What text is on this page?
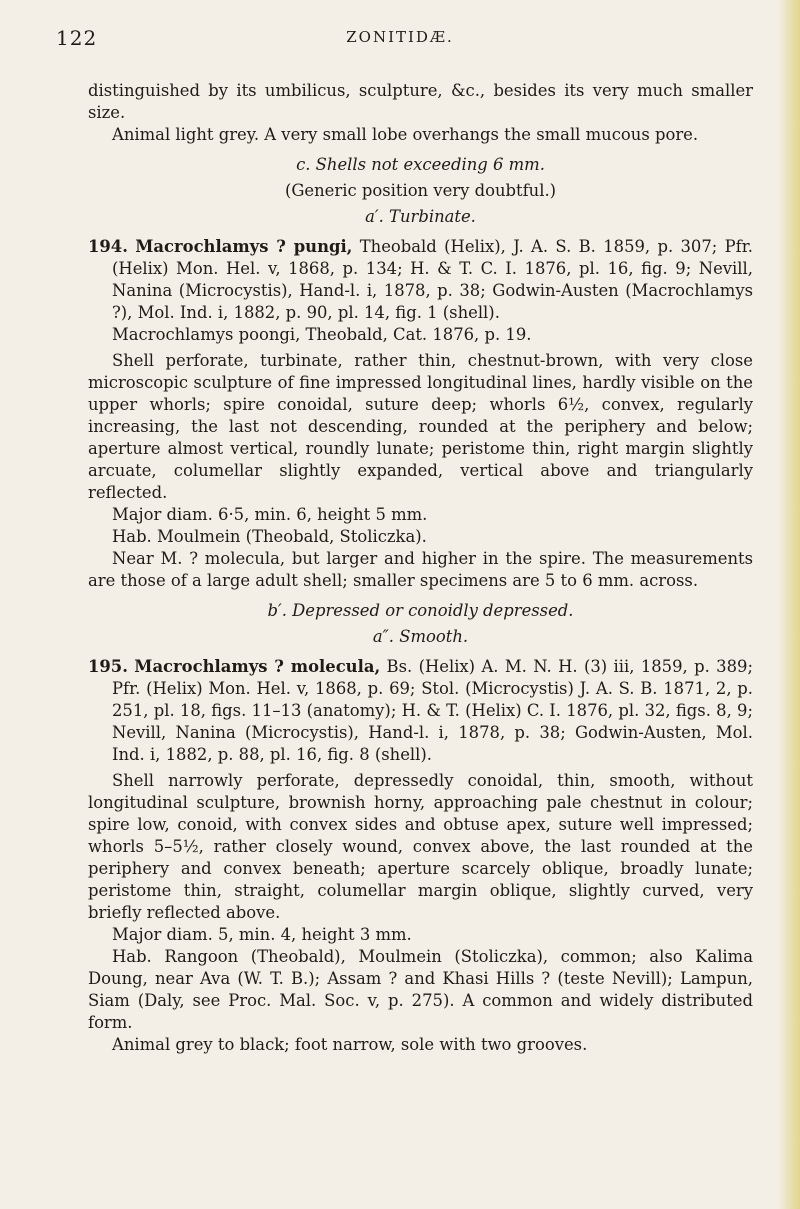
122	ZONITIDÆ.

distinguished by its umbilicus, sculpture, &c., besides its very much smaller size.

Animal light grey. A very small lobe overhangs the small mucous pore.

c. Shells not exceeding 6 mm.

(Generic position very doubtful.)

a′. Turbinate.

194. Macrochlamys ? pungi, Theobald (Helix), J. A. S. B. 1859, p. 307; Pfr. (Helix) Mon. Hel. v, 1868, p. 134; H. & T. C. I. 1876, pl. 16, fig. 9; Nevill, Nanina (Microcystis), Hand-l. i, 1878, p. 38; Godwin-Austen (Macrochlamys ?), Mol. Ind. i, 1882, p. 90, pl. 14, fig. 1 (shell).

Macrochlamys poongi, Theobald, Cat. 1876, p. 19.

Shell perforate, turbinate, rather thin, chestnut-brown, with very close microscopic sculpture of fine impressed longitudinal lines, hardly visible on the upper whorls; spire conoidal, suture deep; whorls 6½, convex, regularly increasing, the last not descending, rounded at the periphery and below; aperture almost vertical, roundly lunate; peristome thin, right margin slightly arcuate, columellar slightly expanded, vertical above and triangularly reflected.

Major diam. 6·5, min. 6, height 5 mm.

Hab. Moulmein (Theobald, Stoliczka).

Near M. ? molecula, but larger and higher in the spire. The measurements are those of a large adult shell; smaller specimens are 5 to 6 mm. across.

b′. Depressed or conoidly depressed.

a″. Smooth.

195. Macrochlamys ? molecula, Bs. (Helix) A. M. N. H. (3) iii, 1859, p. 389; Pfr. (Helix) Mon. Hel. v, 1868, p. 69; Stol. (Microcystis) J. A. S. B. 1871, 2, p. 251, pl. 18, figs. 11–13 (anatomy); H. & T. (Helix) C. I. 1876, pl. 32, figs. 8, 9; Nevill, Nanina (Microcystis), Hand-l. i, 1878, p. 38; Godwin-Austen, Mol. Ind. i, 1882, p. 88, pl. 16, fig. 8 (shell).

Shell narrowly perforate, depressedly conoidal, thin, smooth, without longitudinal sculpture, brownish horny, approaching pale chestnut in colour; spire low, conoid, with convex sides and obtuse apex, suture well impressed; whorls 5–5½, rather closely wound, convex above, the last rounded at the periphery and convex beneath; aperture scarcely oblique, broadly lunate; peristome thin, straight, columellar margin oblique, slightly curved, very briefly reflected above.

Major diam. 5, min. 4, height 3 mm.

Hab. Rangoon (Theobald), Moulmein (Stoliczka), common; also Kalima Doung, near Ava (W. T. B.); Assam ? and Khasi Hills ? (teste Nevill); Lampun, Siam (Daly, see Proc. Mal. Soc. v, p. 275). A common and widely distributed form.

Animal grey to black; foot narrow, sole with two grooves.
